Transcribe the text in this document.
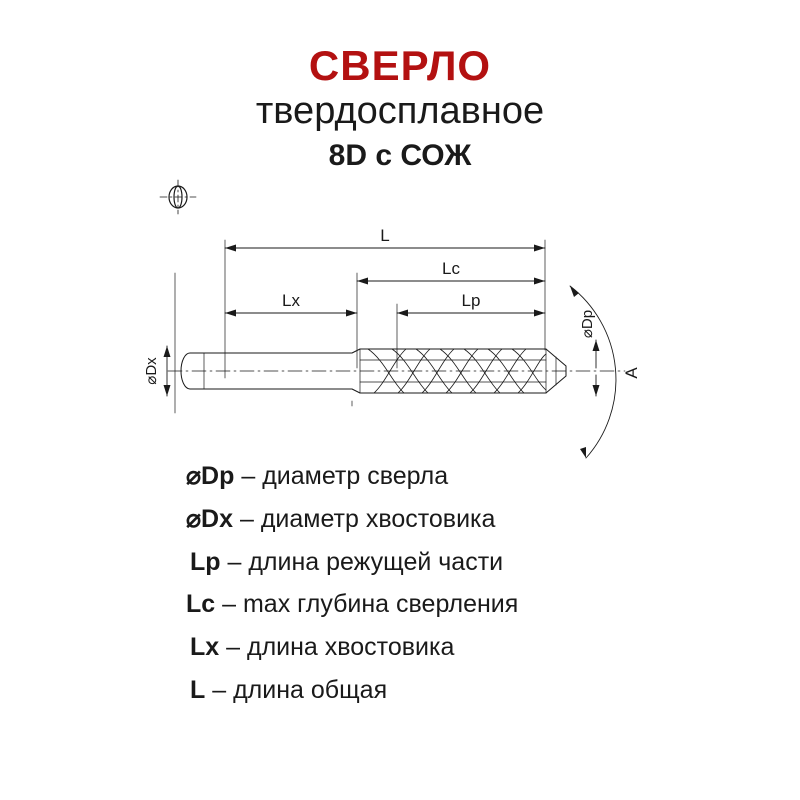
СВЕРЛО
твердосплавное
8D с СОЖ
L
Lc
Lx	Lp
⌀Dx
⌀Dp
A
⌀Dp – диаметр сверла
⌀Dx – диаметр хвостовика
Lp – длина режущей части
Lc – max глубина сверления
Lx – длина хвостовика
L – длина общая
